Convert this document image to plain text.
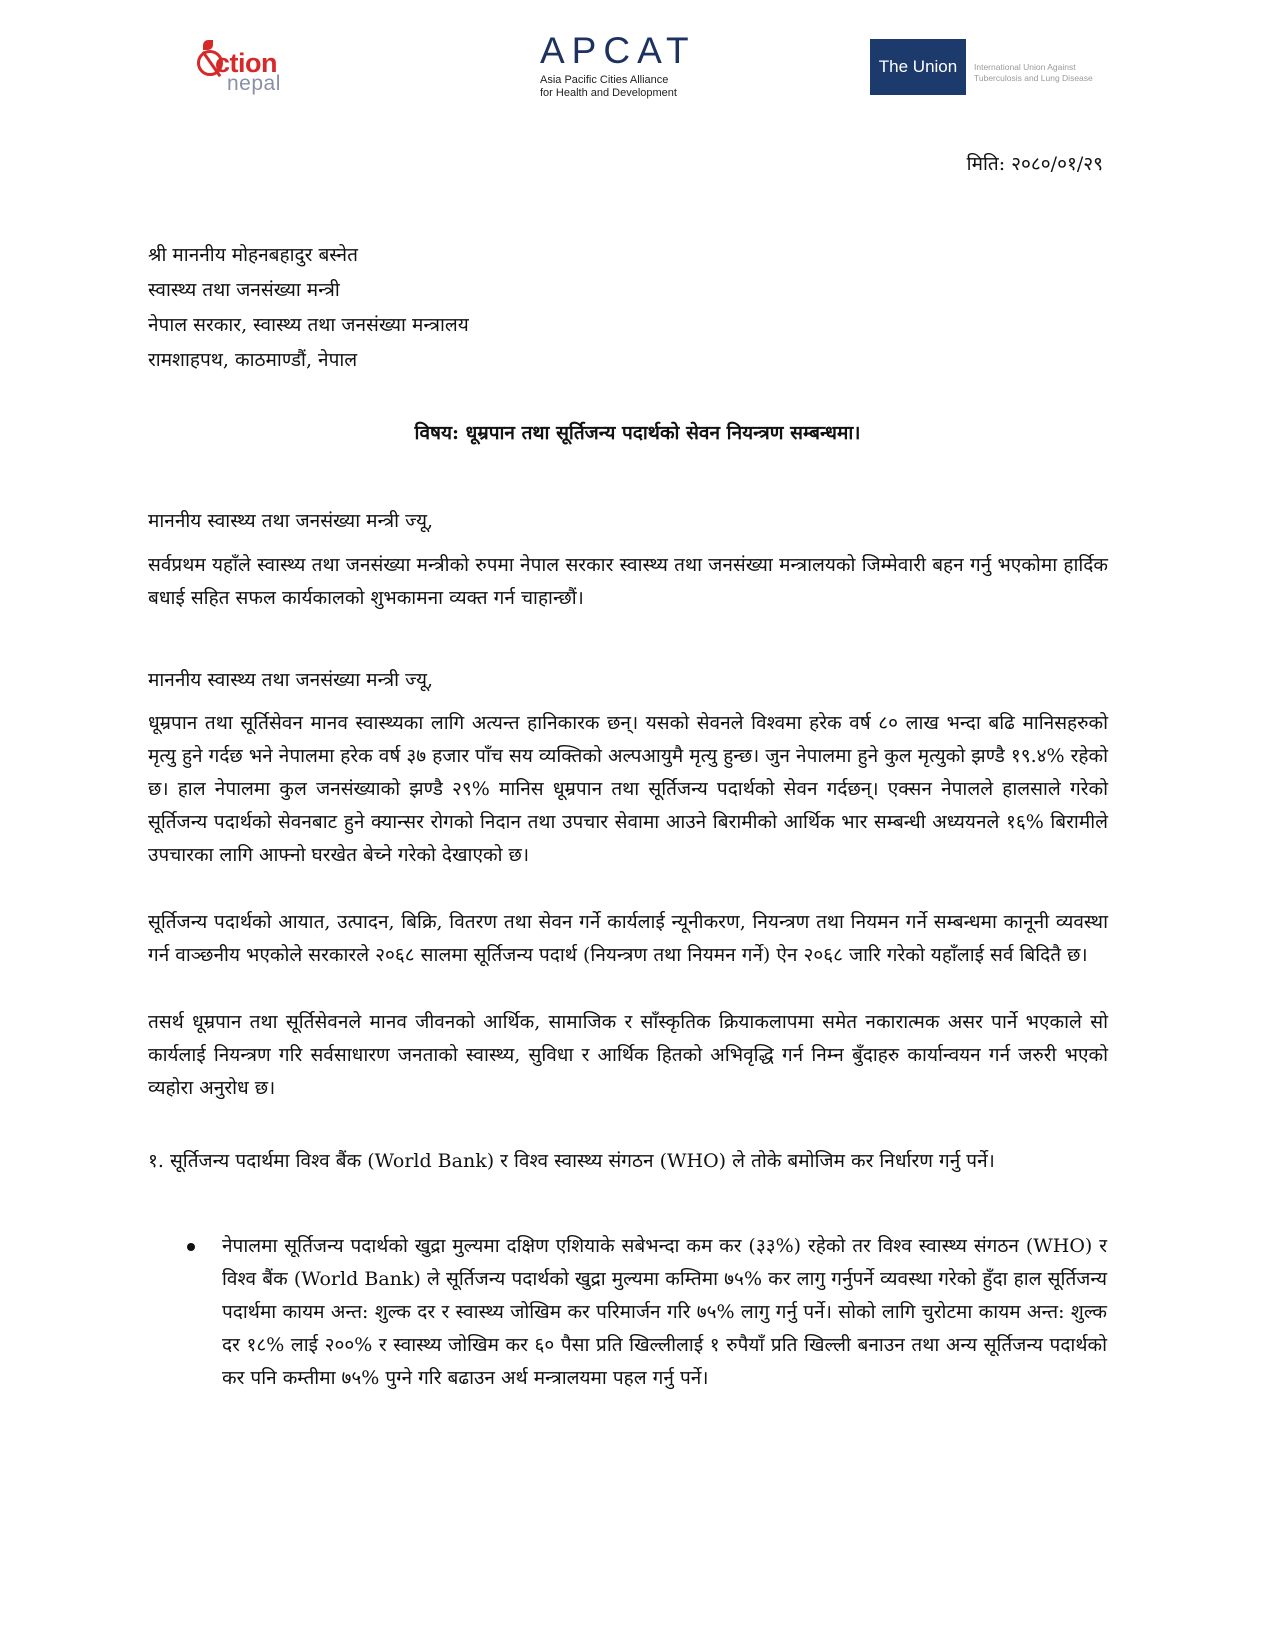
ction
nepal
APCAT
Asia Pacific Cities Alliance
for Health and Development
The Union	International Union Against
Tuberculosis and Lung Disease
मिति: २०८०/०१/२९
श्री माननीय मोहनबहादुर बस्नेत
स्वास्थ्य तथा जनसंख्या मन्त्री
नेपाल सरकार, स्वास्थ्य तथा जनसंख्या मन्त्रालय
रामशाहपथ, काठमाण्डौं, नेपाल
विषय: धूम्रपान तथा सूर्तिजन्य पदार्थको सेवन नियन्त्रण सम्बन्धमा।
माननीय स्वास्थ्य तथा जनसंख्या मन्त्री ज्यू,
सर्वप्रथम यहाँले स्वास्थ्य तथा जनसंख्या मन्त्रीको रुपमा नेपाल सरकार स्वास्थ्य तथा जनसंख्या मन्त्रालयको जिम्मेवारी बहन गर्नु भएकोमा हार्दिक बधाई सहित सफल कार्यकालको शुभकामना व्यक्त गर्न चाहान्छौं।
माननीय स्वास्थ्य तथा जनसंख्या मन्त्री ज्यू,
धूम्रपान तथा सूर्तिसेवन मानव स्वास्थ्यका लागि अत्यन्त हानिकारक छन्। यसको सेवनले विश्वमा हरेक वर्ष ८० लाख भन्दा बढि मानिसहरुको मृत्यु हुने गर्दछ भने नेपालमा हरेक वर्ष ३७ हजार पाँच सय व्यक्तिको अल्पआयुमै मृत्यु हुन्छ। जुन नेपालमा हुने कुल मृत्युको झण्डै १९.४% रहेको छ। हाल नेपालमा कुल जनसंख्याको झण्डै २९% मानिस धूम्रपान तथा सूर्तिजन्य पदार्थको सेवन गर्दछन्। एक्सन नेपालले हालसाले गरेको सूर्तिजन्य पदार्थको सेवनबाट हुने क्यान्सर रोगको निदान तथा उपचार सेवामा आउने बिरामीको आर्थिक भार सम्बन्धी अध्ययनले १६% बिरामीले उपचारका लागि आफ्नो घरखेत बेच्ने गरेको देखाएको छ।
सूर्तिजन्य पदार्थको आयात, उत्पादन, बिक्रि, वितरण तथा सेवन गर्ने कार्यलाई न्यूनीकरण, नियन्त्रण तथा नियमन गर्ने सम्बन्धमा कानूनी व्यवस्था गर्न वाञ्छनीय भएकोले सरकारले २०६८ सालमा सूर्तिजन्य पदार्थ (नियन्त्रण तथा नियमन गर्ने) ऐन २०६८ जारि गरेको यहाँलाई सर्व बिदितै छ।
तसर्थ धूम्रपान तथा सूर्तिसेवनले मानव जीवनको आर्थिक, सामाजिक र साँस्कृतिक क्रियाकलापमा समेत नकारात्मक असर पार्ने भएकाले सो कार्यलाई नियन्त्रण गरि सर्वसाधारण जनताको स्वास्थ्य, सुविधा र आर्थिक हितको अभिवृद्धि गर्न निम्न बुँदाहरु कार्यान्वयन गर्न जरुरी भएको व्यहोरा अनुरोध छ।
१. सूर्तिजन्य पदार्थमा विश्व बैंक (World Bank) र विश्व स्वास्थ्य संगठन (WHO) ले तोके बमोजिम कर निर्धारण गर्नु पर्ने।
नेपालमा सूर्तिजन्य पदार्थको खुद्रा मुल्यमा दक्षिण एशियाके सबेभन्दा कम कर (३३%) रहेको तर विश्व स्वास्थ्य संगठन (WHO) र विश्व बैंक (World Bank) ले सूर्तिजन्य पदार्थको खुद्रा मुल्यमा कम्तिमा ७५% कर लागु गर्नुपर्ने व्यवस्था गरेको हुँदा हाल सूर्तिजन्य पदार्थमा कायम अन्त: शुल्क दर र स्वास्थ्य जोखिम कर परिमार्जन गरि ७५% लागु गर्नु पर्ने। सोको लागि चुरोटमा कायम अन्त: शुल्क दर १८% लाई २००% र स्वास्थ्य जोखिम कर ६० पैसा प्रति खिल्लीलाई १ रुपैयाँ प्रति खिल्ली बनाउन तथा अन्य सूर्तिजन्य पदार्थको कर पनि कम्तीमा ७५% पुग्ने गरि बढाउन अर्थ मन्त्रालयमा पहल गर्नु पर्ने।
